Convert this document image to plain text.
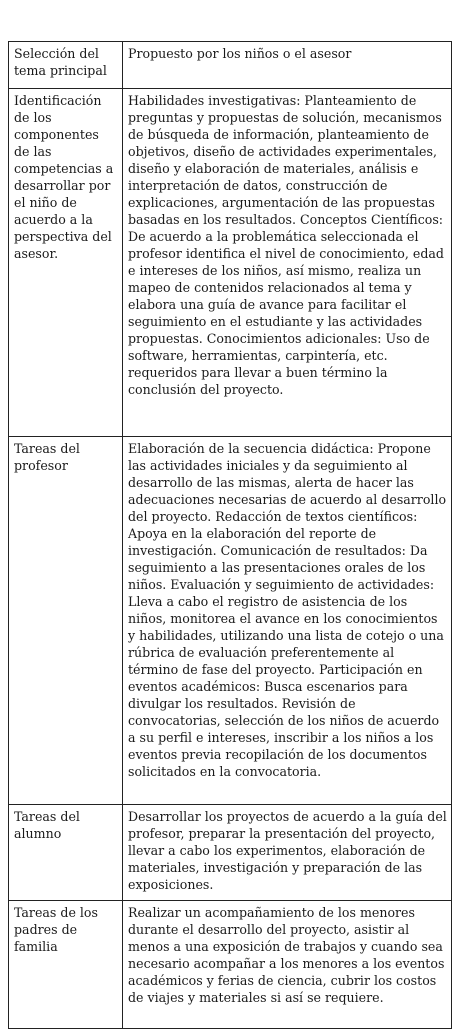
Selección del tema principal	Propuesto por los niños o el asesor

Identificación de los componentes de las competencias a desarrollar por el niño de acuerdo a la perspectiva del asesor.	Habilidades investigativas: Planteamiento de preguntas y propuestas de solución, mecanismos de búsqueda de información, planteamiento de objetivos, diseño de actividades experimentales, diseño y elaboración de materiales, análisis e interpretación de datos, construcción de explicaciones, argumentación de las propuestas basadas en los resultados. Conceptos Científicos: De acuerdo a la problemática seleccionada el profesor identifica el nivel de conocimiento, edad e intereses de los niños, así mismo, realiza un mapeo de contenidos relacionados al tema y elabora una guía de avance para facilitar el seguimiento en el estudiante y las actividades propuestas. Conocimientos adicionales: Uso de software, herramientas, carpintería, etc. requeridos para llevar a buen término la conclusión del proyecto.

Tareas del profesor	Elaboración de la secuencia didáctica: Propone las actividades iniciales y da seguimiento al desarrollo de las mismas, alerta de hacer las adecuaciones necesarias de acuerdo al desarrollo del proyecto. Redacción de textos científicos: Apoya en la elaboración del reporte de investigación. Comunicación de resultados: Da seguimiento a las presentaciones orales de los niños. Evaluación y seguimiento de actividades: Lleva a cabo el registro de asistencia de los niños, monitorea el avance en los conocimientos y habilidades, utilizando una lista de cotejo o una rúbrica de evaluación preferentemente al término de fase del proyecto. Participación en eventos académicos: Busca escenarios para divulgar los resultados. Revisión de convocatorias, selección de los niños de acuerdo a su perfil e intereses, inscribir a los niños a los eventos previa recopilación de los documentos solicitados en la convocatoria.

Tareas del alumno	Desarrollar los proyectos de acuerdo a la guía del profesor, preparar la presentación del proyecto, llevar a cabo los experimentos, elaboración de materiales, investigación y preparación de las exposiciones.

Tareas de los padres de familia	Realizar un acompañamiento de los menores durante el desarrollo del proyecto, asistir al menos a una exposición de trabajos y cuando sea necesario acompañar a los menores a los eventos académicos y ferias de ciencia, cubrir los costos de viajes y materiales si así se requiere.
